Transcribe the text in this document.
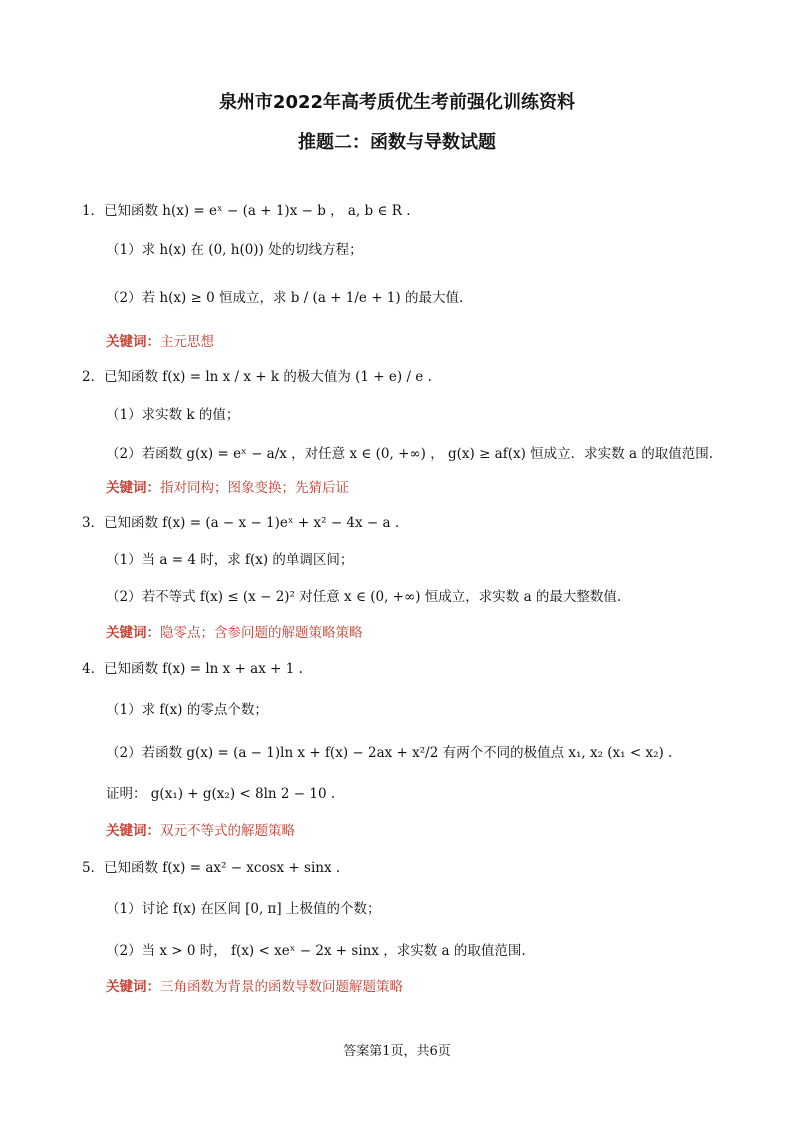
泉州市2022年高考质优生考前强化训练资料
推题二：函数与导数试题
1．已知函数 h(x) = eˣ − (a + 1)x − b ， a, b ∈ R .
（1）求 h(x) 在 (0, h(0)) 处的切线方程；
（2）若 h(x) ≥ 0 恒成立，求 b / (a + 1/e + 1) 的最大值.
关键词：主元思想
2．已知函数 f(x) = ln x / x + k 的极大值为 (1 + e) / e .
（1）求实数 k 的值；
（2）若函数 g(x) = eˣ − a/x ，对任意 x ∈ (0, +∞) ， g(x) ≥ af(x) 恒成立．求实数 a 的取值范围.
关键词：指对同构；图象变换；先猜后证
3．已知函数 f(x) = (a − x − 1)eˣ + x² − 4x − a .
（1）当 a = 4 时，求 f(x) 的单调区间；
（2）若不等式 f(x) ≤ (x − 2)² 对任意 x ∈ (0, +∞) 恒成立，求实数 a 的最大整数值.
关键词：隐零点；含参问题的解题策略策略
4．已知函数 f(x) = ln x + ax + 1 .
（1）求 f(x) 的零点个数；
（2）若函数 g(x) = (a − 1)ln x + f(x) − 2ax + x²/2 有两个不同的极值点 x₁, x₂ (x₁ < x₂) .
证明： g(x₁) + g(x₂) < 8ln 2 − 10 .
关键词：双元不等式的解题策略
5．已知函数 f(x) = ax² − xcosx + sinx .
（1）讨论 f(x) 在区间 [0, π] 上极值的个数；
（2）当 x > 0 时， f(x) < xeˣ − 2x + sinx ，求实数 a 的取值范围.
关键词：三角函数为背景的函数导数问题解题策略
答案第1页，共6页
